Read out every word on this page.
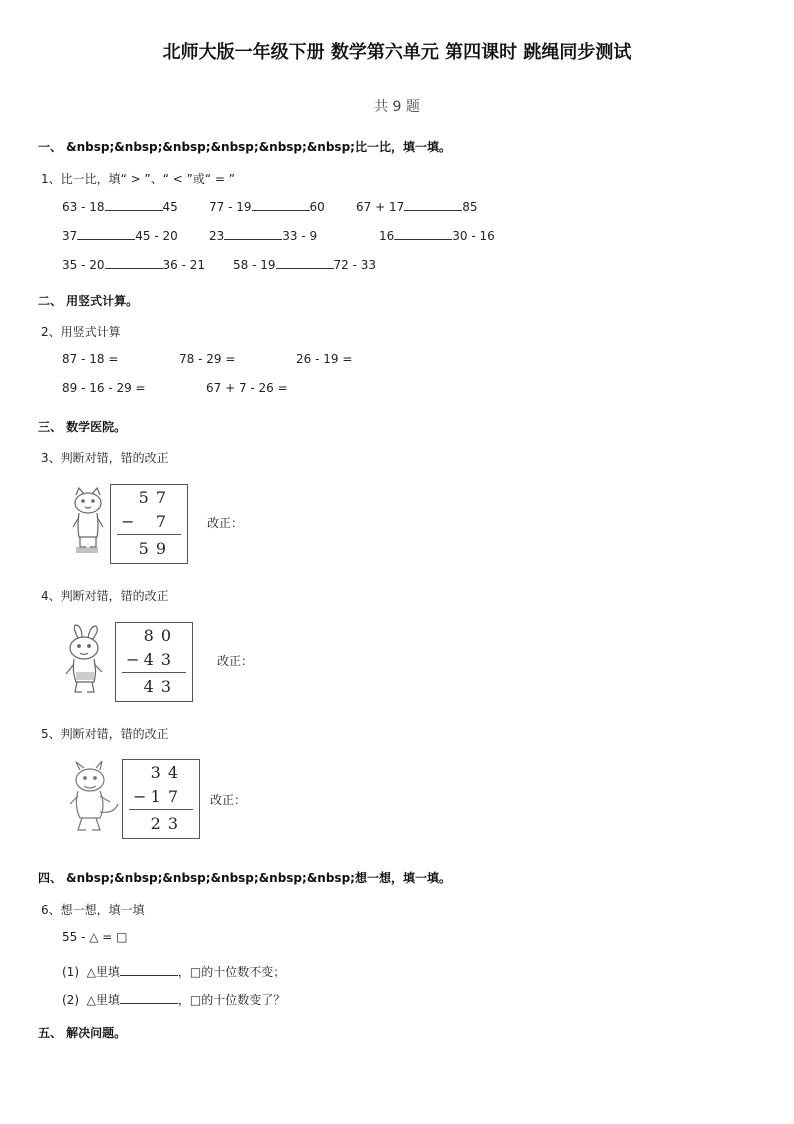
北师大版一年级下册 数学第六单元 第四课时 跳绳同步测试
共 9 题
一、 &nbsp;&nbsp;&nbsp;&nbsp;&nbsp;&nbsp;比一比，填一填。
1、比一比，填“ > ”、“ < ”或“ = ”
63 - 18	45	77 - 19	60	67 + 17	85
37	45 - 20	23	33 - 9	16	30 - 16
35 - 20	36 - 21 58 - 19	72 - 33
二、 用竖式计算。
2、用竖式计算
87 - 18 =	78 - 29 =	26 - 19 =
89 - 16 - 29 =	67 + 7 - 26 =
三、 数学医院。
3、判断对错，错的改正
57
− 7
59
改正：
4、判断对错，错的改正
80
− 43
43
改正：
5、判断对错，错的改正
34
− 17
23
改正：
四、 &nbsp;&nbsp;&nbsp;&nbsp;&nbsp;&nbsp;想一想，填一填。
6、想一想，填一填
55 - △ = □
(1) △里填	，□的十位数不变；
(2) △里填	，□的十位数变了？
五、 解决问题。
